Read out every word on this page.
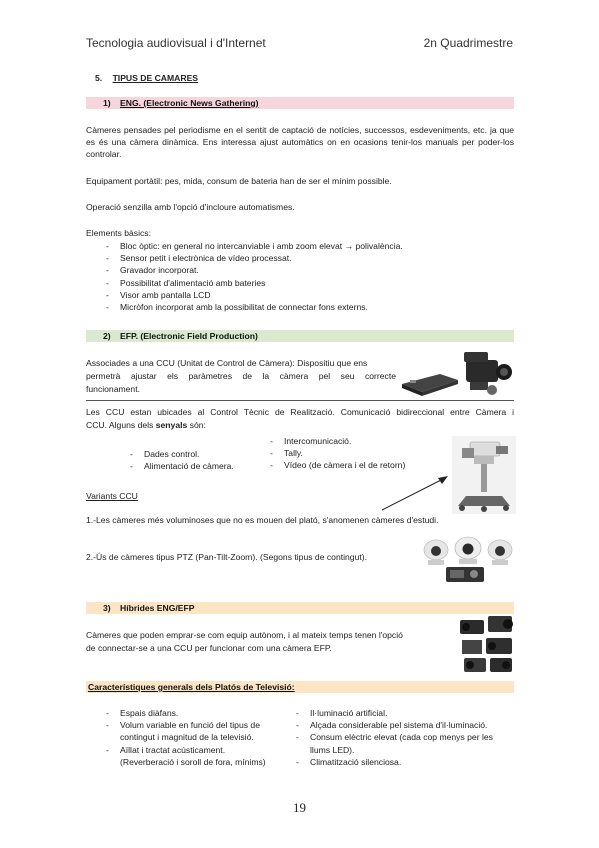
Tecnologia audiovisual i d'Internet	2n Quadrimestre
5. TIPUS DE CAMARES
1) ENG. (Electronic News Gathering)
Càmeres pensades pel periodisme en el sentit de captació de notícies, successos, esdeveniments, etc. ja que es és una càmera dinàmica. Ens interessa ajust automàtics on en ocasions tenir-los manuals per poder-los controlar.
Equipament portàtil: pes, mida, consum de bateria han de ser el mínim possible.
Operació senzilla amb l'opció d'incloure automatismes.
Elements bàsics:
- Bloc òptic: en general no intercanviable i amb zoom elevat → polivalència.
- Sensor petit i electrònica de vídeo processat.
- Gravador incorporat.
- Possibilitat d'alimentació amb bateries
- Visor amb pantalla LCD
- Micròfon incorporat amb la possibilitat de connectar fons externs.
2) EFP. (Electronic Field Production)
Associades a una CCU (Unitat de Control de Càmera): Dispositiu que ens
permetrà ajustar els paràmetres de la càmera pel seu correcte
funcionament.
Les CCU estan ubicades al Control Tècnic de Realització. Comunicació bidireccional entre Càmera i
CCU. Alguns dels senyals són:
- Dades control.
- Alimentació de càmera.
- Intercomunicació.
- Tally.
- Vídeo (de càmera i el de retorn)
Variants CCU
1.-Les càmeres més voluminoses que no es mouen del plató, s'anomenen càmeres d'estudi.
2.-Ús de càmeres tipus PTZ (Pan-Tilt-Zoom). (Segons tipus de contingut).
3) Híbrides ENG/EFP
Càmeres que poden emprar-se com equip autònom, i al mateix temps tenen l'opció
de connectar-se a una CCU per funcionar com una càmera EFP.
Característiques generals dels Platós de Televisió:
- Espais diàfans.
- Volum variable en funció del tipus de contingut i magnitud de la televisió.
- Aïllat i tractat acústicament. (Reverberació i soroll de fora, mínims)
- Il·luminació artificial.
- Alçada considerable pel sistema d'il·luminació.
- Consum elèctric elevat (cada cop menys per les llums LED).
- Climatització silenciosa.
19
